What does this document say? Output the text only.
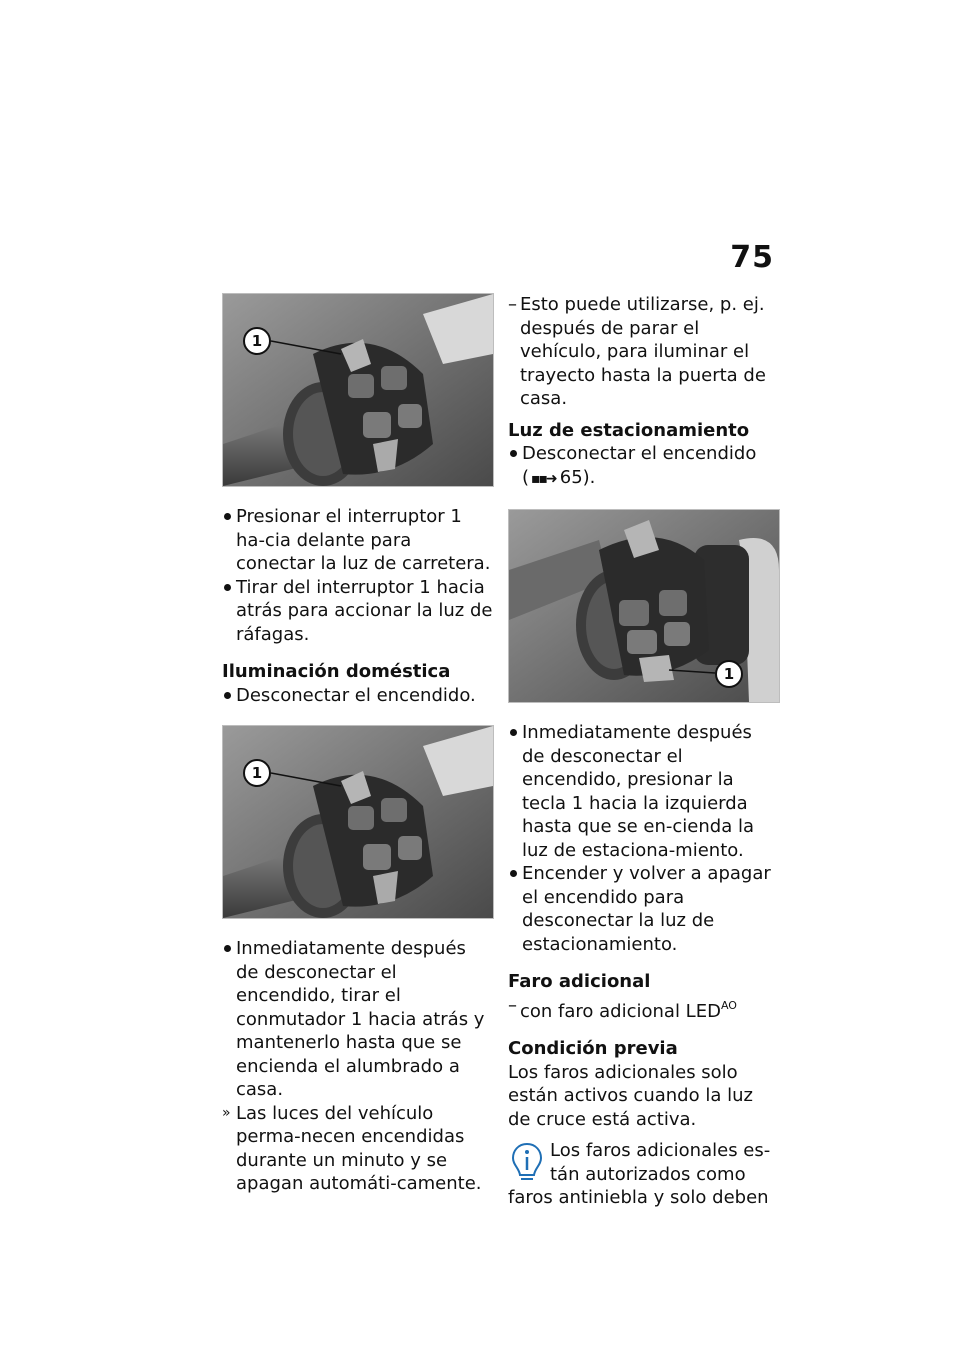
75
1
Presionar el interruptor 1 ha-cia delante para conectar la luz de carretera.
Tirar del interruptor 1 hacia atrás para accionar la luz de ráfagas.
Iluminación doméstica
Desconectar el encendido.
1
Inmediatamente después de desconectar el encendido, tirar el conmutador 1 hacia atrás y mantenerlo hasta que se encienda el alumbrado a casa.
» Las luces del vehículo perma-necen encendidas durante un minuto y se apagan automáti-camente.
– Esto puede utilizarse, p. ej. después de parar el vehículo, para iluminar el trayecto hasta la puerta de casa.
Luz de estacionamiento
Desconectar el encendido
( ▪▪➜ 65).
1
Inmediatamente después de desconectar el encendido, presionar la tecla 1 hacia la izquierda hasta que se en-cienda la luz de estaciona-miento.
Encender y volver a apagar el encendido para desconectar la luz de estacionamiento.
Faro adicional
– con faro adicional $LED^{AO}$
Condición previa

Los faros adicionales solo están activos cuando la luz de cruce está activa.

Los faros adicionales es-

tán autorizados como

faros antiniebla y solo deben
